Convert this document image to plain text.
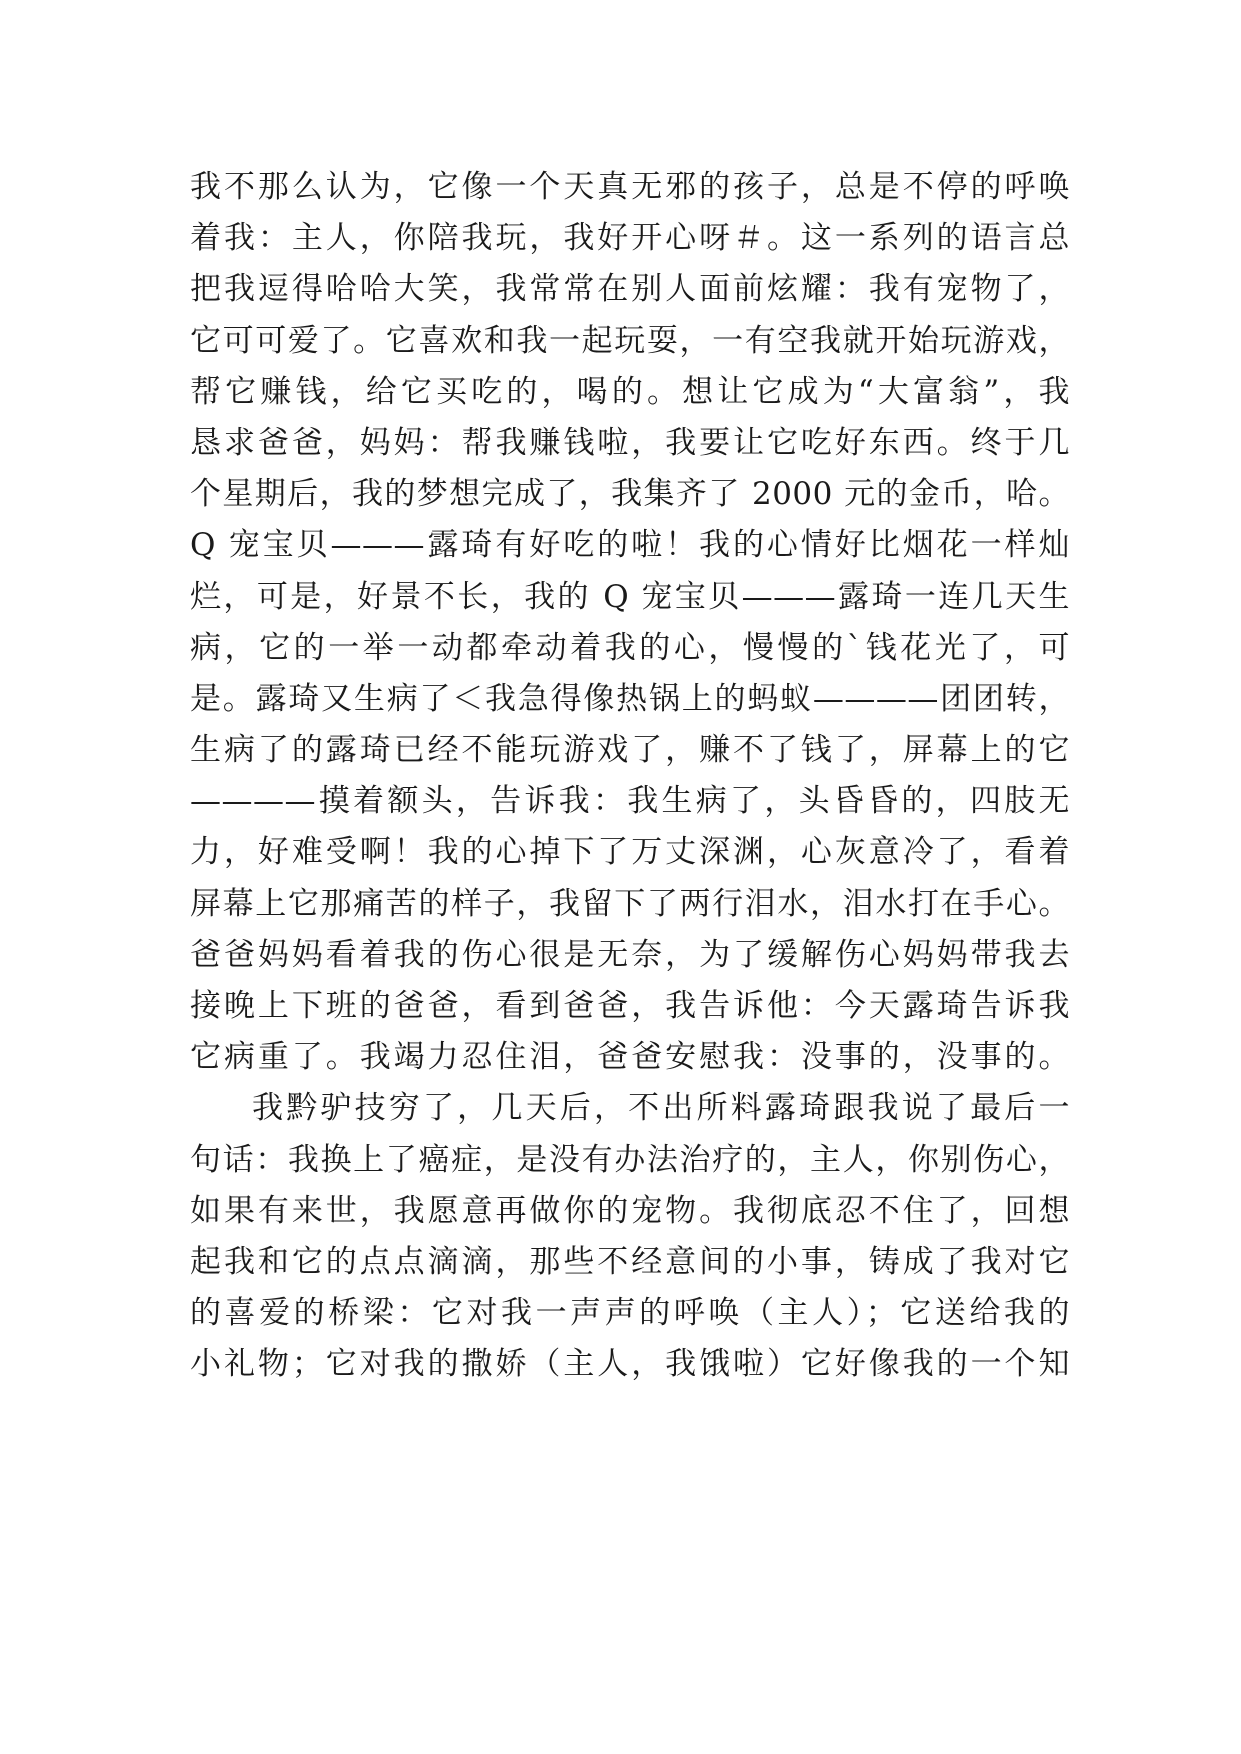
我不那么认为，它像一个天真无邪的孩子，总是不停的呼唤
着我：主人，你陪我玩，我好开心呀＃。这一系列的语言总
把我逗得哈哈大笑，我常常在别人面前炫耀：我有宠物了，
它可可爱了。它喜欢和我一起玩耍，一有空我就开始玩游戏，
帮它赚钱，给它买吃的，喝的。想让它成为“大富翁”，我
恳求爸爸，妈妈：帮我赚钱啦，我要让它吃好东西。终于几
个星期后，我的梦想完成了，我集齐了 2000 元的金币，哈。
Q 宠宝贝———露琦有好吃的啦！我的心情好比烟花一样灿
烂，可是，好景不长，我的 Q 宠宝贝———露琦一连几天生
病，它的一举一动都牵动着我的心，慢慢的`钱花光了，可
是。露琦又生病了＜我急得像热锅上的蚂蚁————团团转，
生病了的露琦已经不能玩游戏了，赚不了钱了，屏幕上的它
————摸着额头，告诉我：我生病了，头昏昏的，四肢无
力，好难受啊！我的心掉下了万丈深渊，心灰意冷了，看着
屏幕上它那痛苦的样子，我留下了两行泪水，泪水打在手心。
爸爸妈妈看着我的伤心很是无奈，为了缓解伤心妈妈带我去
接晚上下班的爸爸，看到爸爸，我告诉他：今天露琦告诉我
它病重了。我竭力忍住泪，爸爸安慰我：没事的，没事的。
我黔驴技穷了，几天后，不出所料露琦跟我说了最后一
句话：我换上了癌症，是没有办法治疗的，主人，你别伤心，
如果有来世，我愿意再做你的宠物。我彻底忍不住了，回想
起我和它的点点滴滴，那些不经意间的小事，铸成了我对它
的喜爱的桥梁：它对我一声声的呼唤（主人）；它送给我的
小礼物；它对我的撒娇（主人，我饿啦）它好像我的一个知
